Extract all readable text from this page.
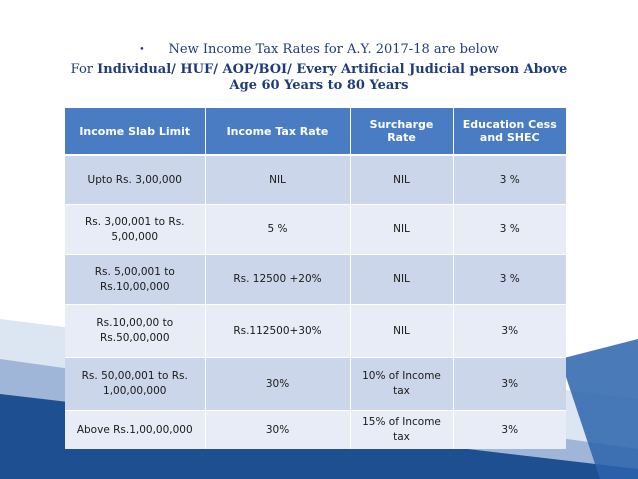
• New Income Tax Rates for A.Y. 2017-18 are below
For Individual/ HUF/ AOP/BOI/ Every Artificial Judicial person Above Age 60 Years to 80 Years
Income Slab Limit	Income Tax Rate	Surcharge Rate	Education Cess and SHEC
Upto Rs. 3,00,000	NIL	NIL	3 %
Rs. 3,00,001 to Rs. 5,00,000	5 %	NIL	3 %
Rs. 5,00,001 to Rs.10,00,000	Rs. 12500 +20%	NIL	3 %
Rs.10,00,00 to Rs.50,00,000	Rs.112500+30%	NIL	3%
Rs. 50,00,001 to Rs. 1,00,00,000	30%	10% of Income tax	3%
Above Rs.1,00,00,000	30%	15% of Income tax	3%
